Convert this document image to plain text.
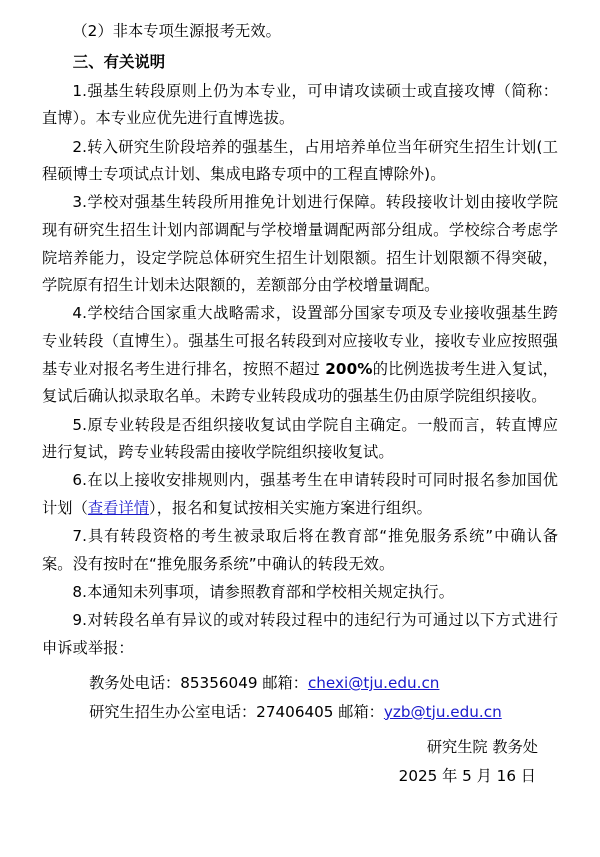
（2）非本专项生源报考无效。

三、有关说明

1.强基生转段原则上仍为本专业，可申请攻读硕士或直接攻博（简称：直博）。本专业应优先进行直博选拔。

2.转入研究生阶段培养的强基生，占用培养单位当年研究生招生计划(工程硕博士专项试点计划、集成电路专项中的工程直博除外)。

3.学校对强基生转段所用推免计划进行保障。转段接收计划由接收学院现有研究生招生计划内部调配与学校增量调配两部分组成。学校综合考虑学院培养能力，设定学院总体研究生招生计划限额。招生计划限额不得突破，学院原有招生计划未达限额的，差额部分由学校增量调配。

4.学校结合国家重大战略需求，设置部分国家专项及专业接收强基生跨专业转段（直博生）。强基生可报名转段到对应接收专业，接收专业应按照强基专业对报名考生进行排名，按照不超过 200%的比例选拔考生进入复试，复试后确认拟录取名单。未跨专业转段成功的强基生仍由原学院组织接收。

5.原专业转段是否组织接收复试由学院自主确定。一般而言，转直博应进行复试，跨专业转段需由接收学院组织接收复试。

6.在以上接收安排规则内，强基考生在申请转段时可同时报名参加国优计划（查看详情），报名和复试按相关实施方案进行组织。

7.具有转段资格的考生被录取后将在教育部“推免服务系统”中确认备案。没有按时在“推免服务系统”中确认的转段无效。

8.本通知未列事项，请参照教育部和学校相关规定执行。

9.对转段名单有异议的或对转段过程中的违纪行为可通过以下方式进行申诉或举报：

教务处电话：85356049 邮箱：chexi@tju.edu.cn

研究生招生办公室电话：27406405 邮箱：yzb@tju.edu.cn

研究生院 教务处

2025 年 5 月 16 日
